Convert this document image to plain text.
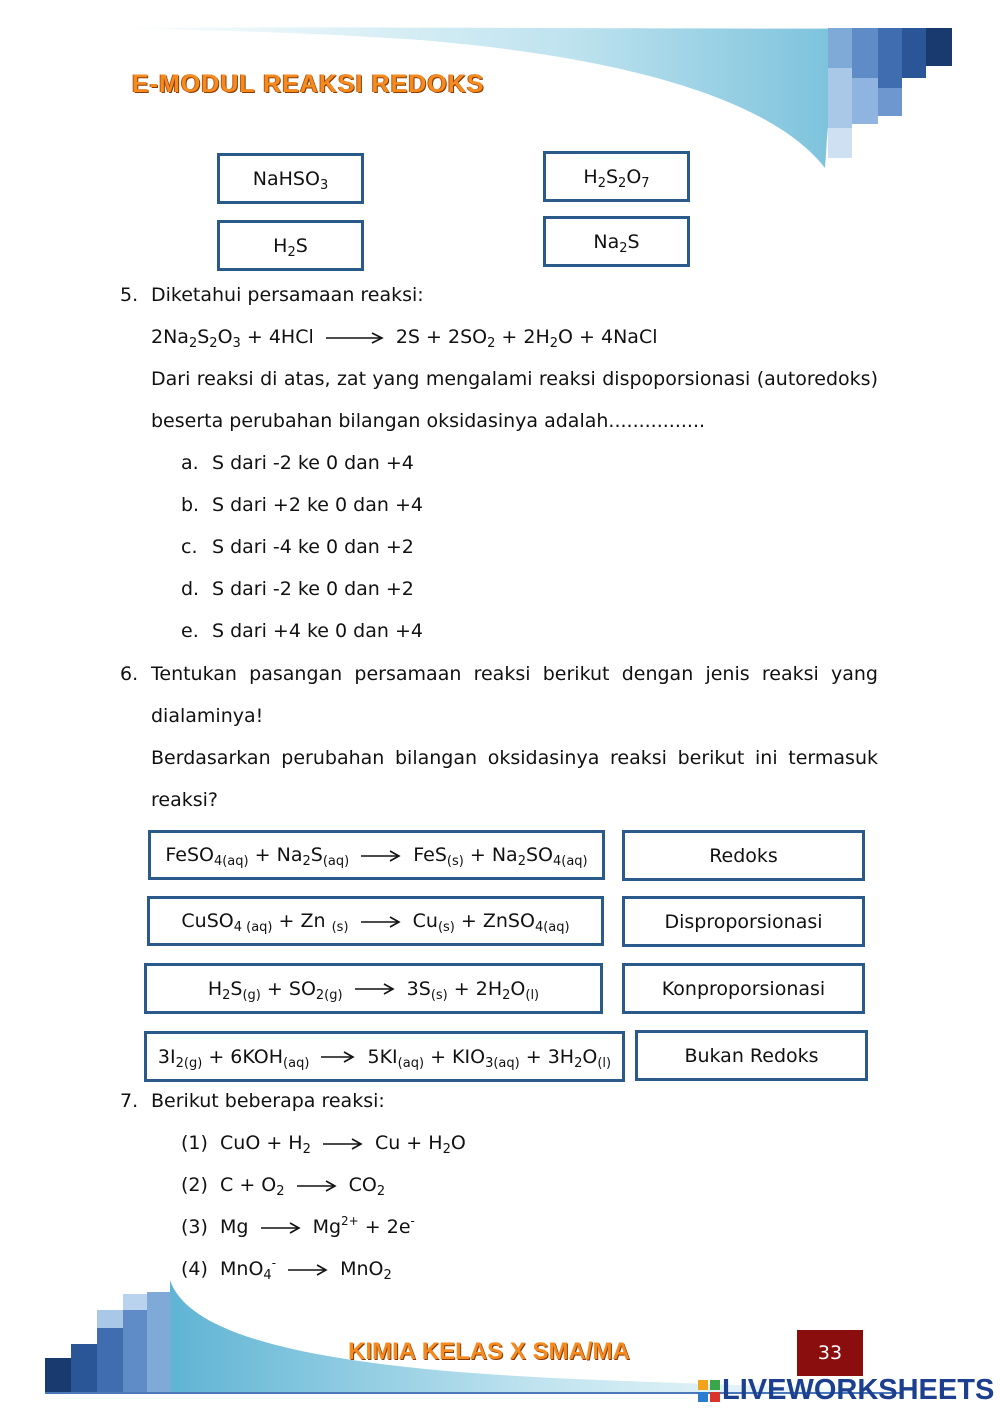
E-MODUL REAKSI REDOKS
NaHSO$_3$
$H_2S$
$H_2S_2O_7$
$Na_2S$
5. Diketahui persamaan reaksi:
$2Na_2S_2O_3 + 4HCl \to 2S + 2SO_2 + 2H_2O$ + 4NaCl
Dari reaksi di atas, zat yang mengalami reaksi dispoporsionasi (autoredoks)
beserta perubahan bilangan oksidasinya adalah................
a. S dari -2 ke 0 dan +4
b. S dari +2 ke 0 dan +4
c. S dari -4 ke 0 dan +2
d. S dari -2 ke 0 dan +2
e. S dari +4 ke 0 dan +4
6. Tentukan pasangan persamaan reaksi berikut dengan jenis reaksi yang
dialaminya!
Berdasarkan perubahan bilangan oksidasinya reaksi berikut ini termasuk
reaksi?
FeSO$_{4(aq)}$ + $Na_2S_{(aq)} \to FeS_{(s)} + Na_2SO_{4(aq)}$
CuSO$_{4 (aq)}$ + Zn $_{(s)} \to Cu_{(s)}$ + ZnSO$_{4(aq)}$
$H_2S_{(g)} + SO_{2(g)} \to 3S_{(s)} + 2H_2O_{(l)}$
$3I_{2(g)} + 6KOH_{(aq)} \to 5KI_{(aq)} + KIO_{3(aq)} + 3H_2O_{(l)}$
Redoks
Disproporsionasi
Konproporsionasi
Bukan Redoks
7. Berikut beberapa reaksi:
(1) CuO + $H_2 \to Cu + H_2O$
(2) $C + O_2 \to CO_2$
(3) $Mg \to Mg^{2+} + 2e^-$
(4) MnO$_4$- → MnO$_2$
KIMIA KELAS X SMA/MA	33
LIVEWORKSHEETS
